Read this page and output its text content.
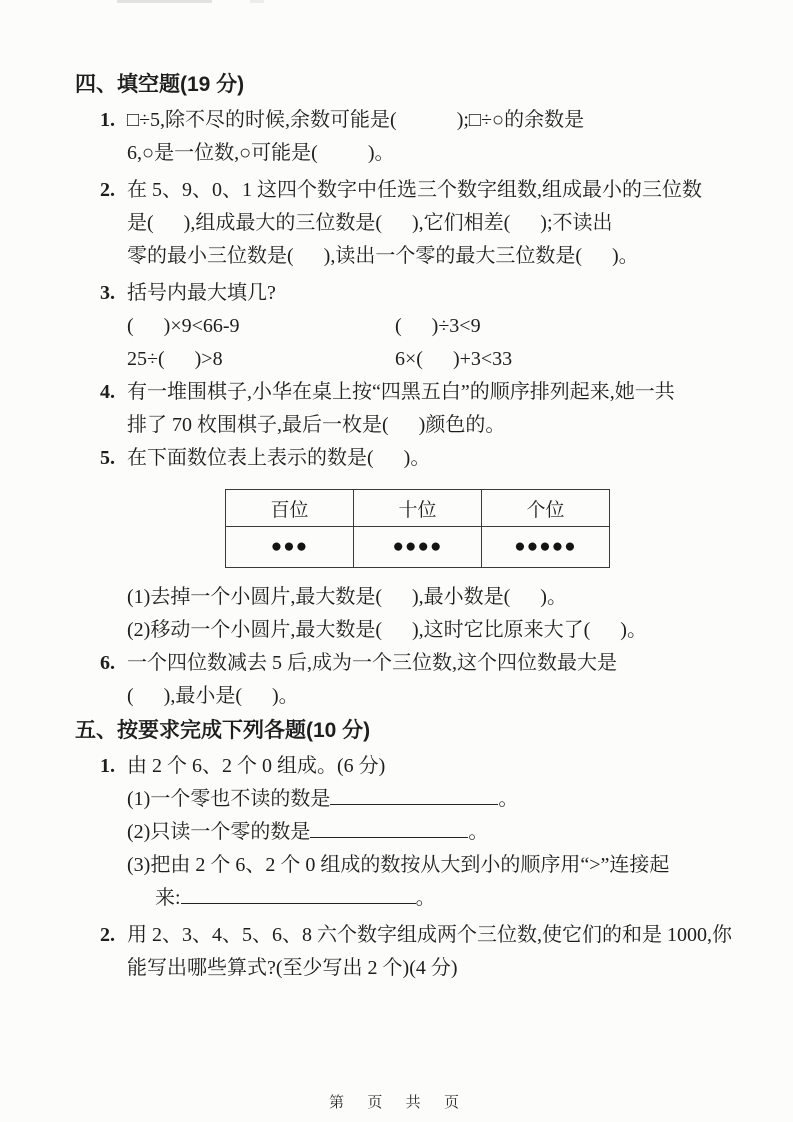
四、填空题(19 分)
1. □÷5,除不尽的时候,余数可能是(            );□÷○的余数是
6,○是一位数,○可能是(          )。
2. 在 5、9、0、1 这四个数字中任选三个数字组数,组成最小的三位数
是(      ),组成最大的三位数是(      ),它们相差(      );不读出
零的最小三位数是(      ),读出一个零的最大三位数是(      )。
3. 括号内最大填几?
(      )×9<66-9	(      )÷3<9
25÷(      )>8	6×(      )+3<33
4. 有一堆围棋子,小华在桌上按“四黑五白”的顺序排列起来,她一共
排了 70 枚围棋子,最后一枚是(      )颜色的。
5. 在下面数位表上表示的数是(      )。
百位	十位	个位
●●●	●●●●	●●●●●
(1)去掉一个小圆片,最大数是(      ),最小数是(      )。
(2)移动一个小圆片,最大数是(      ),这时它比原来大了(      )。
6. 一个四位数减去 5 后,成为一个三位数,这个四位数最大是
(      ),最小是(      )。
五、按要求完成下列各题(10 分)
1. 由 2 个 6、2 个 0 组成。(6 分)
(1)一个零也不读的数是	。
(2)只读一个零的数是	。
(3)把由 2 个 6、2 个 0 组成的数按从大到小的顺序用“>”连接起
来:	。
2. 用 2、3、4、5、6、8 六个数字组成两个三位数,使它们的和是 1000,你
能写出哪些算式?(至少写出 2 个)(4 分)
第  页  共  页
